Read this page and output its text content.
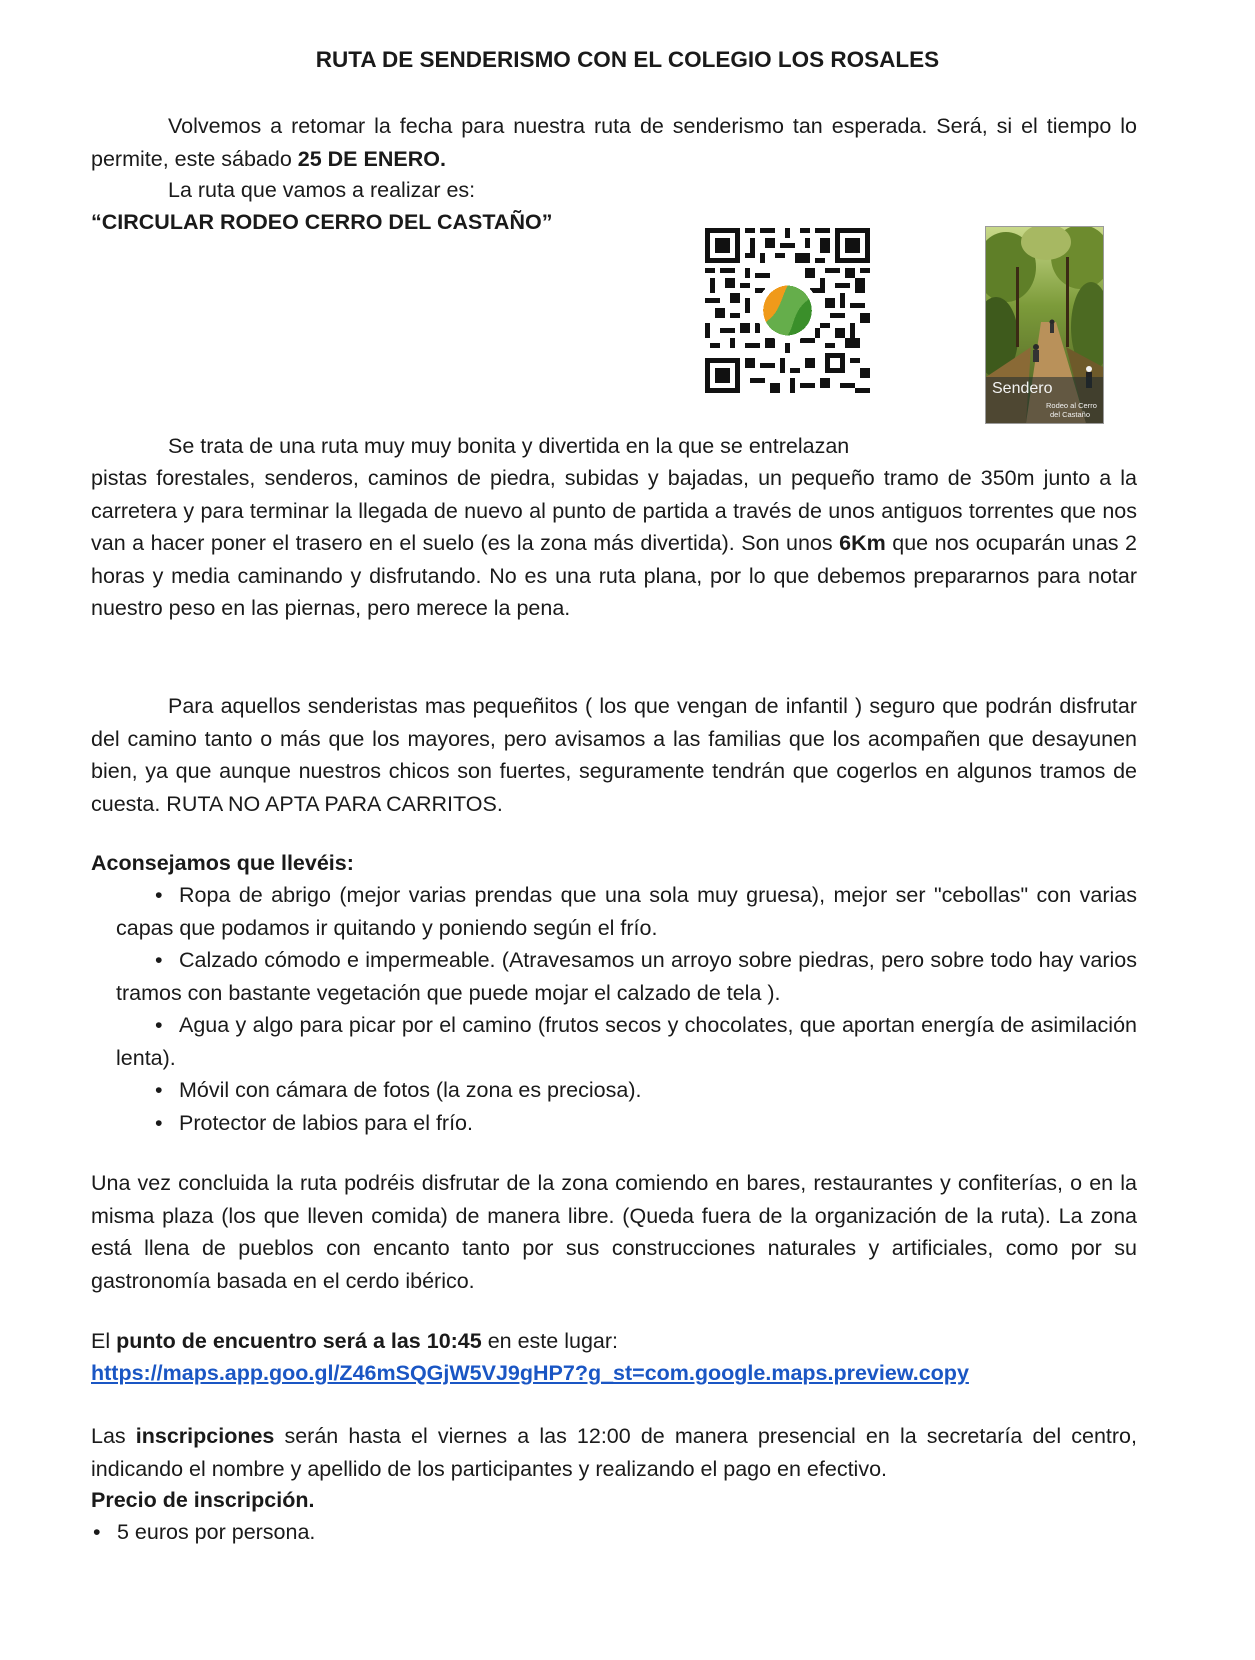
RUTA DE SENDERISMO CON EL COLEGIO LOS ROSALES

Volvemos a retomar la fecha para nuestra ruta de senderismo tan esperada. Será, si el tiempo lo permite, este sábado 25 DE ENERO.

La ruta que vamos a realizar es:

“CIRCULAR RODEO CERRO DEL CASTAÑO”

Sendero
Rodeo al Cerro
del Castaño

Se trata de una ruta muy muy bonita y divertida en la que se entrelazan

pistas forestales, senderos, caminos de piedra, subidas y bajadas, un pequeño tramo de 350m junto a la carretera y para terminar la llegada de nuevo al punto de partida a través de unos antiguos torrentes que nos van a hacer poner el trasero en el suelo (es la zona más divertida). Son unos 6Km que nos ocuparán unas 2 horas y media caminando y disfrutando. No es una ruta plana, por lo que debemos prepararnos para notar nuestro peso en las piernas, pero merece la pena.

Para aquellos senderistas mas pequeñitos ( los que vengan de infantil ) seguro que podrán disfrutar del camino tanto o más que los mayores, pero avisamos a las familias que los acompañen que desayunen bien, ya que aunque nuestros chicos son fuertes, seguramente tendrán que cogerlos en algunos tramos de cuesta. RUTA NO APTA PARA CARRITOS.

Aconsejamos que llevéis:

• Ropa de abrigo (mejor varias prendas que una sola muy gruesa), mejor ser "cebollas" con varias capas que podamos ir quitando y poniendo según el frío.
• Calzado cómodo e impermeable. (Atravesamos un arroyo sobre piedras, pero sobre todo hay varios tramos con bastante vegetación que puede mojar el calzado de tela ).
• Agua y algo para picar por el camino (frutos secos y chocolates, que aportan energía de asimilación lenta).
• Móvil con cámara de fotos (la zona es preciosa).
• Protector de labios para el frío.

Una vez concluida la ruta podréis disfrutar de la zona comiendo en bares, restaurantes y confiterías, o en la misma plaza (los que lleven comida) de manera libre. (Queda fuera de la organización de la ruta). La zona está llena de pueblos con encanto tanto por sus construcciones naturales y artificiales, como por su gastronomía basada en el cerdo ibérico.

El punto de encuentro será a las 10:45 en este lugar:

https://maps.app.goo.gl/Z46mSQGjW5VJ9gHP7?g_st=com.google.maps.preview.copy

Las inscripciones serán hasta el viernes a las 12:00 de manera presencial en la secretaría del centro, indicando el nombre y apellido de los participantes y realizando el pago en efectivo.

Precio de inscripción.

• 5 euros por persona.
